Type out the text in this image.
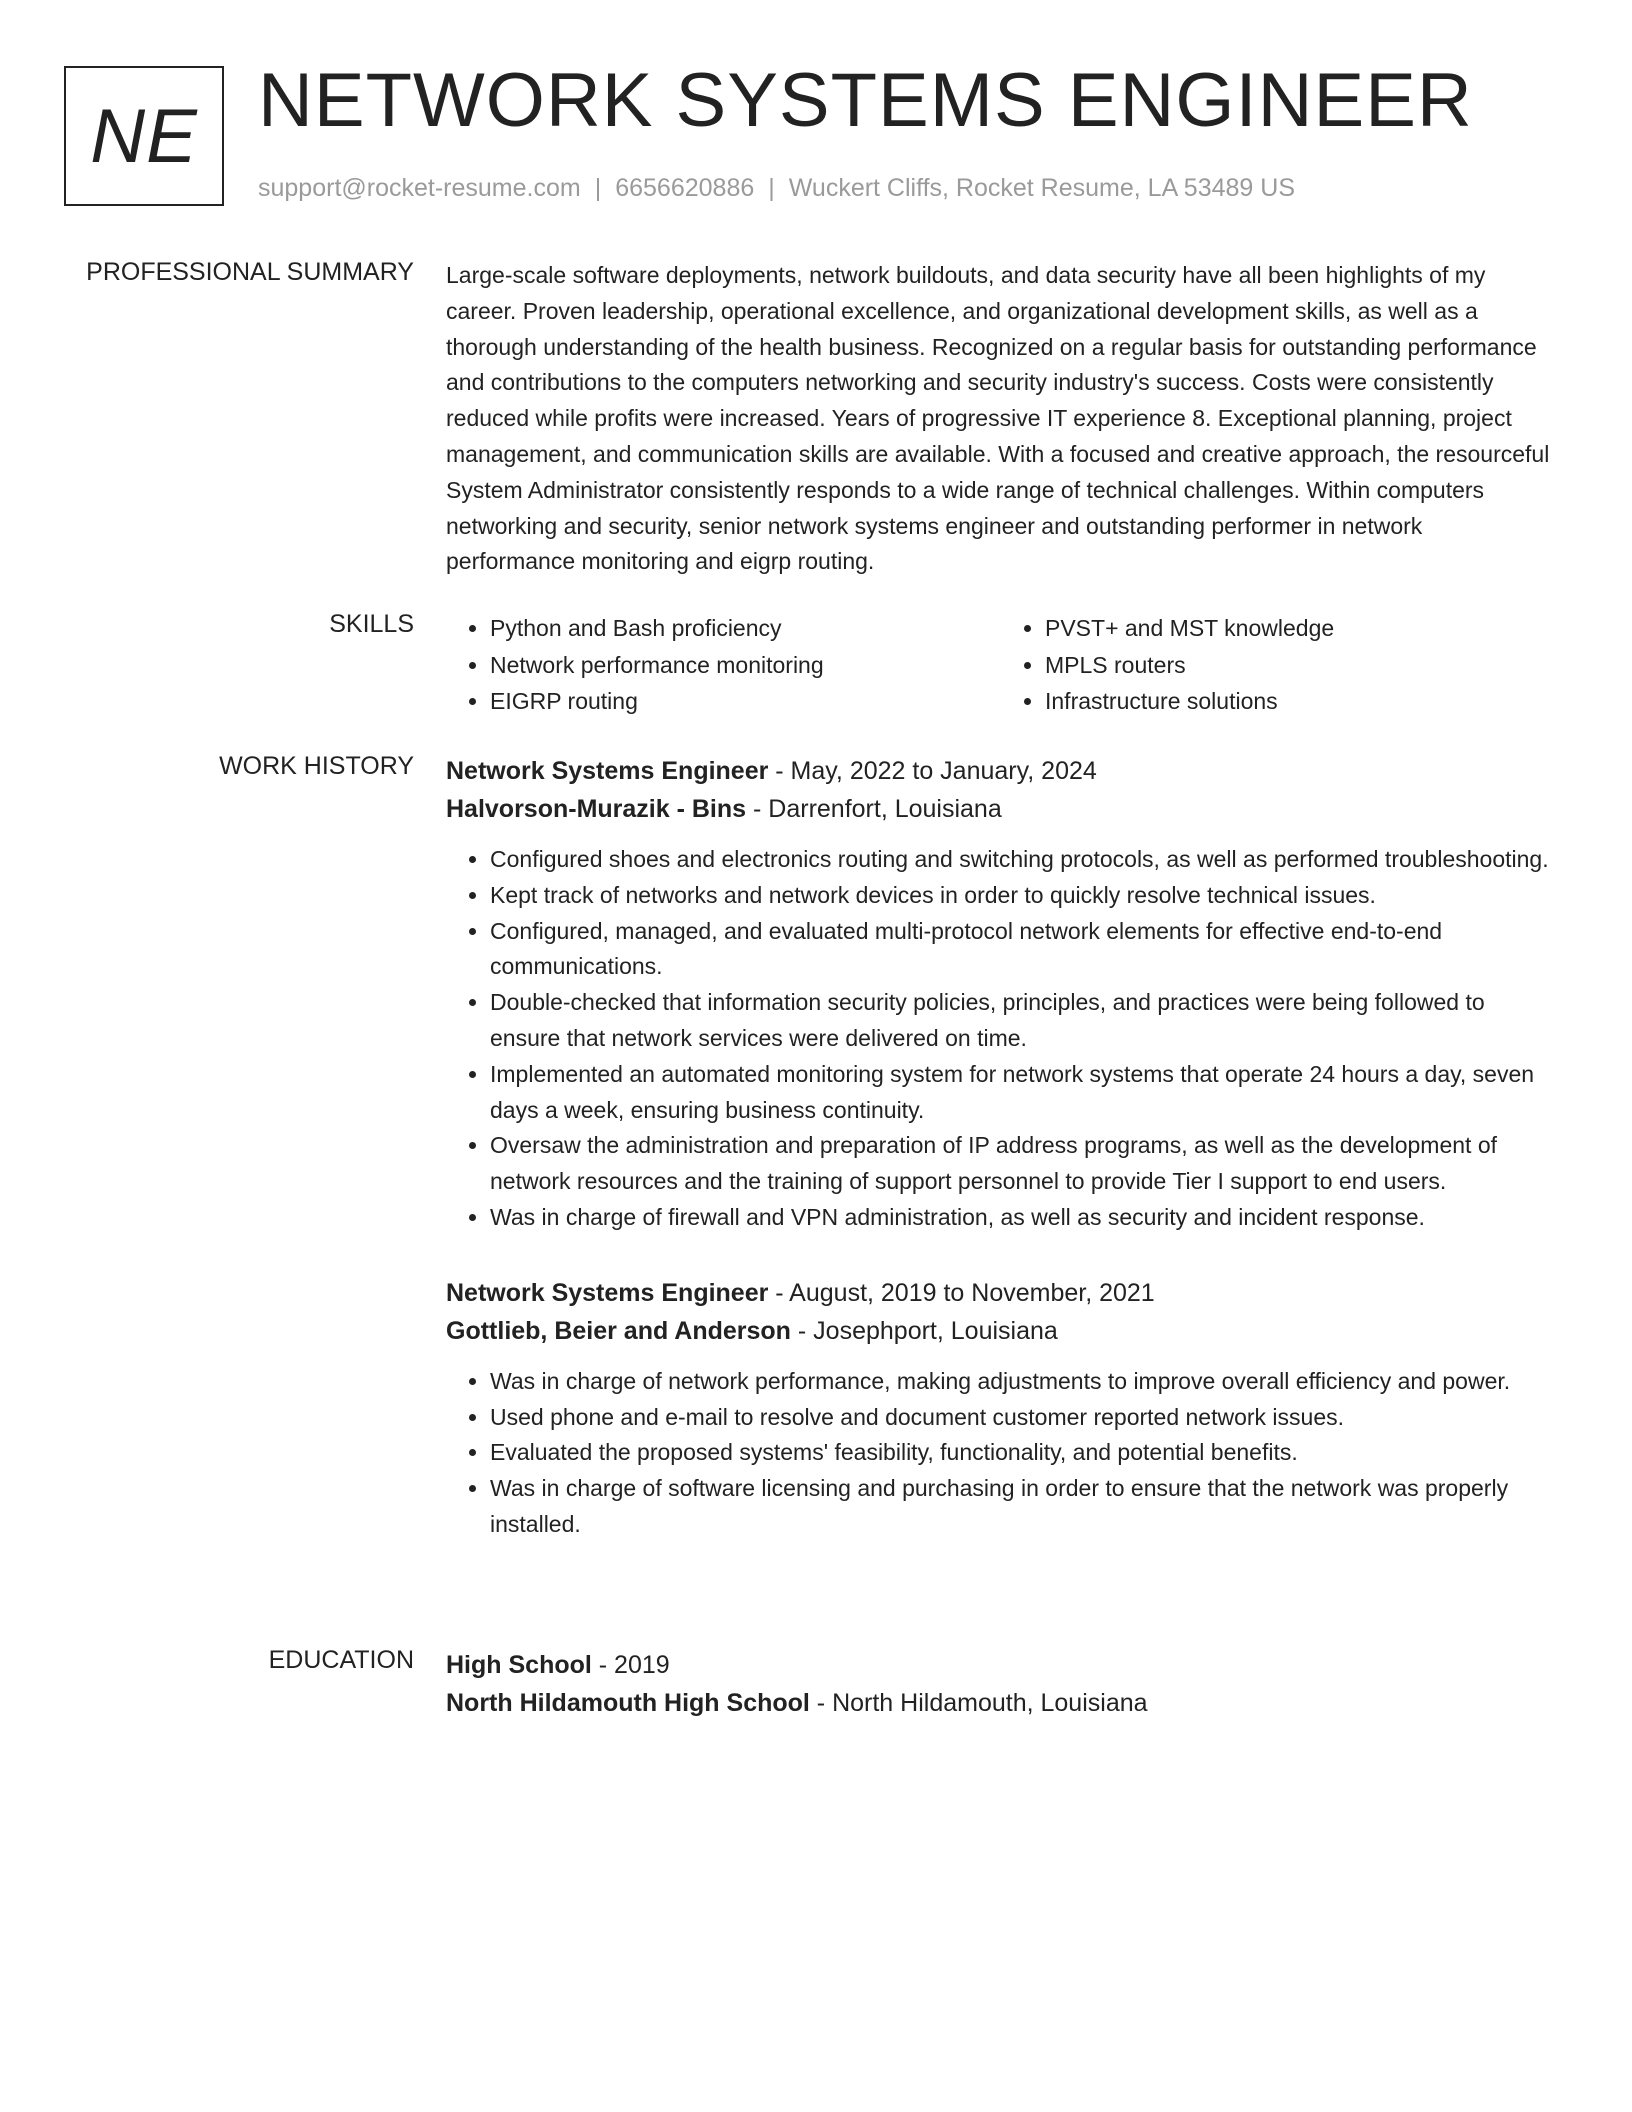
NE NETWORK SYSTEMS ENGINEER
support@rocket-resume.com | 6656620886 | Wuckert Cliffs, Rocket Resume, LA 53489 US
PROFESSIONAL SUMMARY Large-scale software deployments, network buildouts, and data security have all been highlights of my career. Proven leadership, operational excellence, and organizational development skills, as well as a thorough understanding of the health business. Recognized on a regular basis for outstanding performance and contributions to the computers networking and security industry's success. Costs were consistently reduced while profits were increased. Years of progressive IT experience 8. Exceptional planning, project management, and communication skills are available. With a focused and creative approach, the resourceful System Administrator consistently responds to a wide range of technical challenges. Within computers networking and security, senior network systems engineer and outstanding performer in network performance monitoring and eigrp routing.

SKILLS
•	Python and Bash proficiency
• Network performance monitoring
• EIGRP routing
• PVST+ and MST knowledge
• MPLS routers
• Infrastructure solutions
WORK HISTORY Network Systems Engineer - May, 2022 to January, 2024
Halvorson-Murazik - Bins - Darrenfort, Louisiana
• Configured shoes and electronics routing and switching protocols, as well as performed troubleshooting.
• Kept track of networks and network devices in order to quickly resolve technical issues.
• Configured, managed, and evaluated multi-protocol network elements for effective end-to-end communications.
• Double-checked that information security policies, principles, and practices were being followed to ensure that network services were delivered on time.
• Implemented an automated monitoring system for network systems that operate 24 hours a day, seven days a week, ensuring business continuity.
• Oversaw the administration and preparation of IP address programs, as well as the development of network resources and the training of support personnel to provide Tier I support to end users.
• Was in charge of firewall and VPN administration, as well as security and incident response.
Network Systems Engineer - August, 2019 to November, 2021
Gottlieb, Beier and Anderson - Josephport, Louisiana
• Was in charge of network performance, making adjustments to improve overall efficiency and power.
• Used phone and e-mail to resolve and document customer reported network issues.
• Evaluated the proposed systems' feasibility, functionality, and potential benefits.
• Was in charge of software licensing and purchasing in order to ensure that the network was properly installed.
EDUCATION High School - 2019
North Hildamouth High School - North Hildamouth, Louisiana
